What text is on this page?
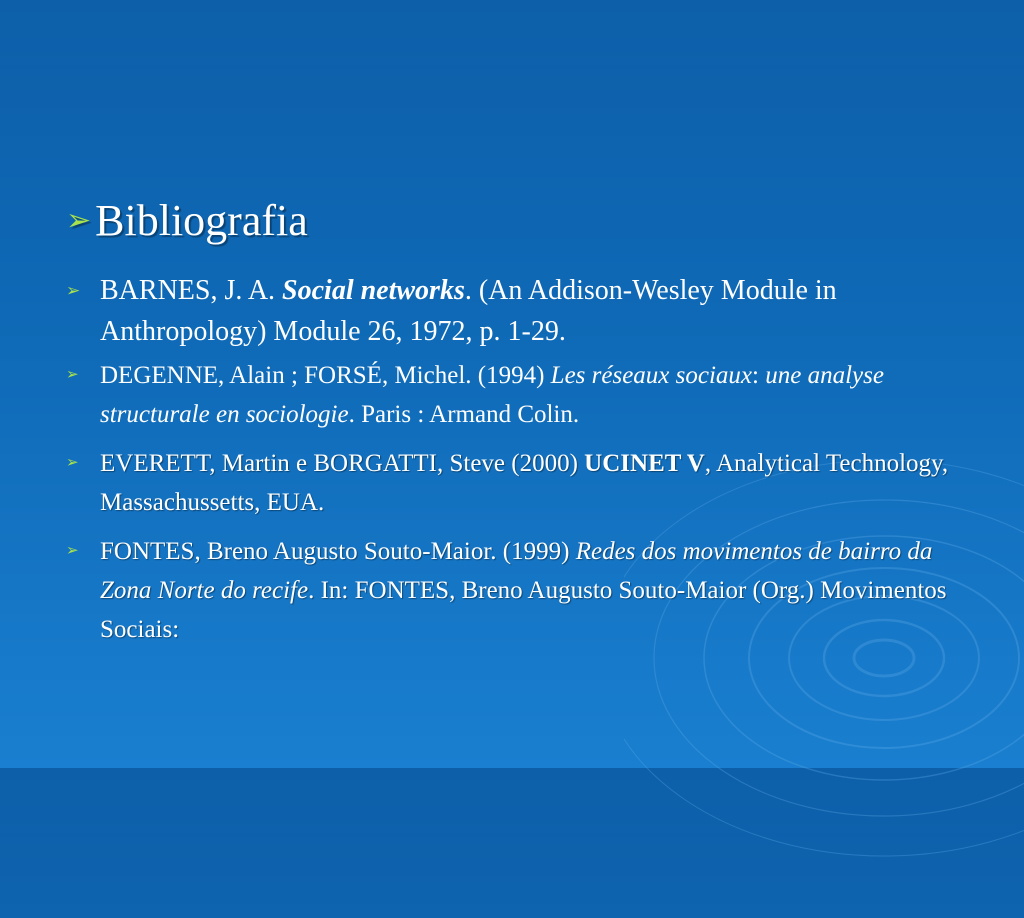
➢ Bibliografia
➢ BARNES, J. A. Social networks. (An Addison-Wesley Module in Anthropology) Module 26, 1972, p. 1-29.
➢ DEGENNE, Alain ; FORSÉ, Michel. (1994) Les réseaux sociaux: une analyse structurale en sociologie. Paris : Armand Colin.
➢ EVERETT, Martin e BORGATTI, Steve (2000) UCINET V, Analytical Technology, Massachussetts, EUA.
➢ FONTES, Breno Augusto Souto-Maior. (1999) Redes dos movimentos de bairro da Zona Norte do recife. In: FONTES, Breno Augusto Souto-Maior (Org.) Movimentos Sociais:
